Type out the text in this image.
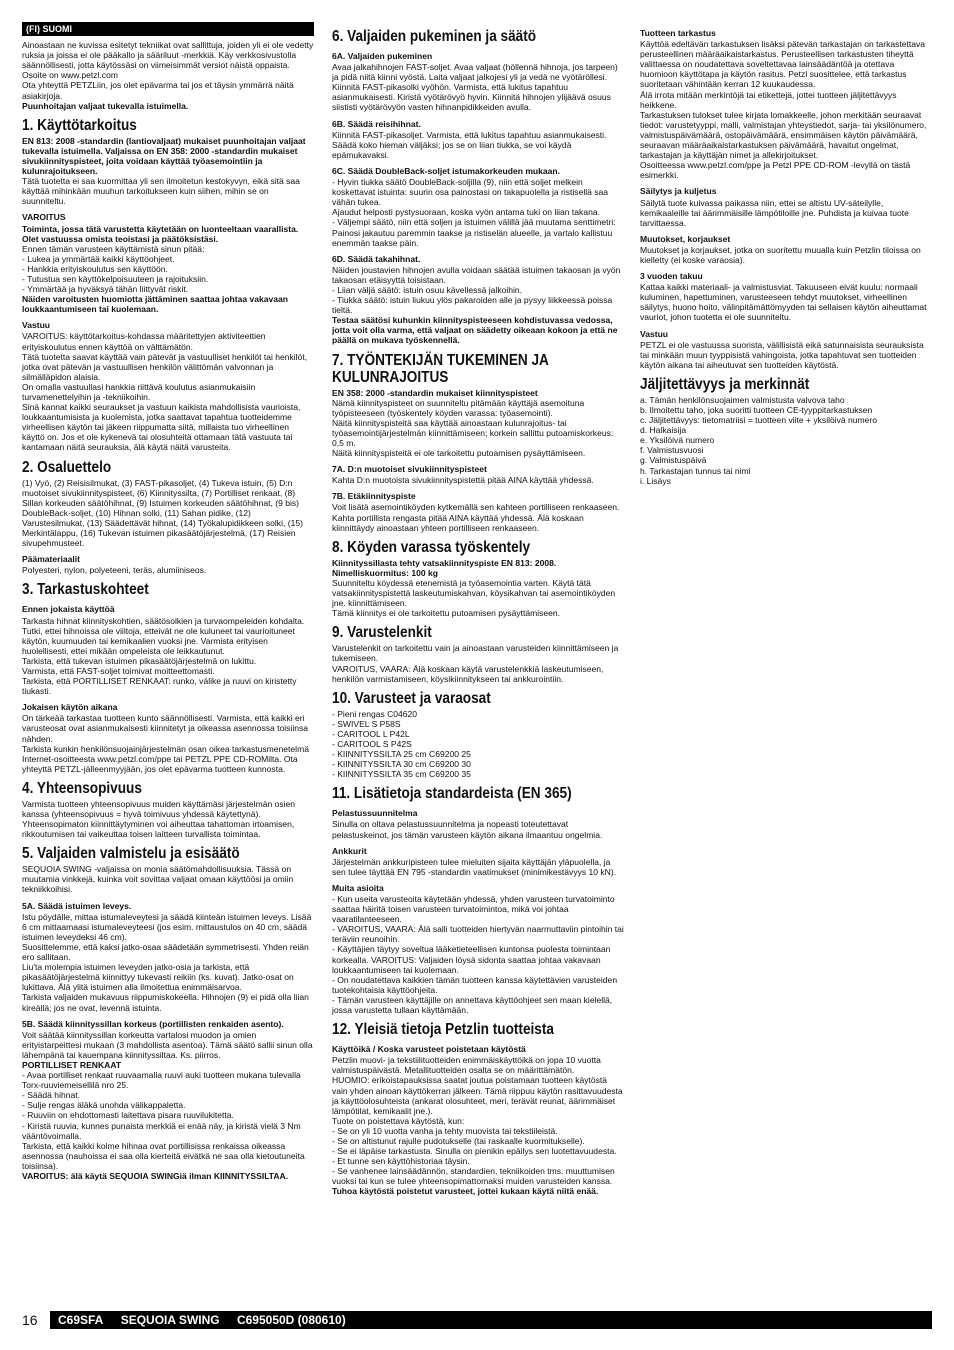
(FI) SUOMI

Ainoastaan ne kuvissa esitetyt tekniikat ovat sallittuja, joiden yli ei ole vedetty ruksia ja joissa ei ole pääkallo ja sääriluut -merkkiä. Käy verkkosivustolla säännöllisesti, jotta käytössäsi on viimeisimmät versiot näistä oppaista. Osoite on www.petzl.com

Ota yhteyttä PETZLiin, jos olet epävarma tai jos et täysin ymmärrä näitä asiakirjoja.

Puunhoitajan valjaat tukevalla istuimella.

1. Käyttötarkoitus

EN 813: 2008 -standardin (lantiovaljaat) mukaiset puunhoitajan valjaat tukevalla istuimella. Valjaissa on EN 358: 2000 -standardin mukaiset sivukiinnityspisteet, joita voidaan käyttää työasemointiin ja kulunrajoitukseen.

Tätä tuotetta ei saa kuormittaa yli sen ilmoitetun kestokyvyn, eikä sitä saa käyttää mihinkään muuhun tarkoitukseen kuin siihen, mihin se on suunniteltu.

VAROITUS

Toiminta, jossa tätä varustetta käytetään on luonteeltaan vaarallista. Olet vastuussa omista teoistasi ja päätöksistäsi.

Ennen tämän varusteen käyttämistä sinun pitää:
- Lukea ja ymmärtää kaikki käyttöohjeet.
- Hankkia erityiskoulutus sen käyttöön.
- Tutustua sen käyttökelpoisuuteen ja rajoituksiin.
- Ymmärtää ja hyväksyä tähän liittyvät riskit.

Näiden varoitusten huomiotta jättäminen saattaa johtaa vakavaan loukkaantumiseen tai kuolemaan.

Vastuu

VAROITUS: käyttötarkoitus-kohdassa määritettyjen aktiviteettien erityiskoulutus ennen käyttöä on välttämätön.
Tätä tuotetta saavat käyttää vain pätevät ja vastuulliset henkilöt tai henkilöt, jotka ovat pätevän ja vastuullisen henkilön välittömän valvonnan ja silmälläpidon alaisia.
On omalla vastuullasi hankkia riittävä koulutus asianmukaisiin turvamenettelyihin ja -tekniikoihin.
Sinä kannat kaikki seuraukset ja vastuun kaikista mahdollisista vaurioista, loukkaantumisista ja kuolemista, jotka saattavat tapahtua tuotteidemme virheellisen käytön tai jäkeen riippumatta siitä, millaista tuo virheellinen käyttö on. Jos et ole kykenevä tai olosuhteitä ottamaan tätä vastuuta tai kantamaan näitä seurauksia, älä käytä näitä varusteita.

2. Osaluettelo

(1) Vyö, (2) Reisisilmukat, (3) FAST-pikasoljet, (4) Tukeva istuin, (5) D:n muotoiset sivukiinnityspisteet, (6) Kiinnityssilta, (7) Portilliset renkaat, (8) Sillan korkeuden säätöhihnat, (9) Istuimen korkeuden säätöhihnat, (9 bis) DoubleBack-soljet, (10) Hihnan solki, (11) Sahan pidike, (12) Varustesilmukat, (13) Säädettävät hihnat, (14) Työkalupidikkeen solki, (15) Merkintälappu, (16) Tukevan istuimen pikasäätöjärjestelmä, (17) Reisien sivupehmusteet.

Päämateriaalit

Polyesteri, nylon, polyeteeni, teräs, alumiiniseos.

3. Tarkastuskohteet
Ennen jokaista käyttöä

Tarkasta hihnat kiinnityskohtien, säätösolkien ja turvaompeleiden kohdalta. Tutki, ettei hihnoissa ole viiltoja, etteivät ne ole kuluneet tai vaurioituneet käytön, kuumuuden tai kemikaalien vuoksi jne. Varmista erityisen huolellisesti, ettei mikään ompeleista ole leikkautunut.
Tarkista, että tukevan istuimen pikasäätöjärjestelmä on lukittu.
Varmista, että FAST-soljet toimivat moitteettomasti.
Tarkista, että PORTILLISET RENKAAT: runko, välike ja ruuvi on kiristetty tiukasti.

Jokaisen käytön aikana

On tärkeää tarkastaa tuotteen kunto säännöllisesti. Varmista, että kaikki eri varusteosat ovat asianmukaisesti kiinnitetyt ja oikeassa asennossa toisiinsa nähden.
Tarkista kunkin henkilönsuojainjärjestelmän osan oikea tarkastusmenetelmä Internet-osoitteesta www.petzl.com/ppe tai PETZL PPE CD-ROMilta. Ota yhteyttä PETZL-jälleenmyyjään, jos olet epävarma tuotteen kunnosta.

4. Yhteensopivuus

Varmista tuotteen yhteensopivuus muiden käyttämäsi järjestelmän osien kanssa (yhteensopivuus = hyvä toimivuus yhdessä käytettynä).
Yhteensopimaton kiinnittäytyminen voi aiheuttaa tahattoman irtoamisen, rikkoutumisen tai vaikeuttaa toisen laitteen turvallista toimintaa.

5. Valjaiden valmistelu ja esisäätö

SEQUOIA SWING -valjaissa on monia säätömahdollisuuksia. Tässä on muutamia vinkkejä, kuinka voit sovittaa valjaat omaan käyttöösi ja omiin tekniikkoihisi.

5A. Säädä istuimen leveys.

Istu pöydälle, mittaa istumaleveytesi ja säädä kiinteän istuimen leveys. Lisää 6 cm mittaamaasi istumaleveyteesi (jos esim. mittaustulos on 40 cm, säädä istuimen leveydeksi 46 cm).
Suosittelemme, että kaksi jatko-osaa säädetään symmetrisesti. Yhden reiän ero sallitaan.
Liu'ta molempia istuimen leveyden jatko-osia ja tarkista, että pikasäätöjärjestelmä kiinnittyy tukevasti reikiin (ks. kuvat). Jatko-osat on lukittava. Älä ylitä istuimen alla ilmoitettua enimmäisarvoa.
Tarkista valjaiden mukavuus riippumiskokeella. Hihnojen (9) ei pidä olla liian kireällä; jos ne ovat, levennä istuinta.

5B. Säädä kiinnityssillan korkeus (portillisten renkaiden asento).

Voit säätää kiinnityssillan korkeutta vartalosi muodon ja omien erityistarpeittesi mukaan (3 mahdollista asentoa). Tämä säätö sallii sinun olla lähempänä tai kauempana kiinnityssiltaa. Ks. piirros.

PORTILLISET RENKAAT

- Avaa portilliset renkaat ruuvaamalla ruuvi auki tuotteen mukana tulevalla Torx-ruuviemeisellilä nro 25.
- Säädä hihnat.
- Sulje rengas äläkä unohda välikappaletta.
- Ruuviin on ehdottomasti laitettava pisara ruuvilukitetta.
- Kiristä ruuvia, kunnes punaista merkkiä ei enää näy, ja kiristä vielä 3 Nm vääntövoimalla.
Tarkista, että kaikki kolme hihnaa ovat portillisissa renkaissa oikeassa asennossa (nauhoissa ei saa olla kierteitä eivätkä ne saa olla kietoutuneita toisiinsa).

VAROITUS: älä käytä SEQUOIA SWINGiä ilman KIINNITYSSILTAA.

6. Valjaiden pukeminen ja säätö
6A. Valjaiden pukeminen

Avaa jalkahihnojen FAST-soljet. Avaa valjaat (höllennä hihnoja, jos tarpeen) ja pidä niitä kiinni vyöstä. Laita valjaat jalkojesi yli ja vedä ne vyötäröllesi. Kiinnitä FAST-pikasolki vyöhön. Varmista, että lukitus tapahtuu asianmukaisesti. Kiristä vyötärövyö hyvin. Kiinnitä hihnojen ylijäävä osuus siististi vyötärövyön vasten hihnanpidikkeiden avulla.

6B. Säädä reisihihnat.

Kiinnitä FAST-pikasoljet. Varmista, että lukitus tapahtuu asianmukaisesti. Säädä koko hieman väljäksi; jos se on liian tiukka, se voi käydä epämukavaksi.

6C. Säädä DoubleBack-soljet istumakorkeuden mukaan.

- Hyvin tiukka säätö DoubleBack-soljilla (9), niin että soljet melkein koskettavat istuinta: suurin osa painostasi on takapuolella ja ristisellä saa vähän tukea.
Ajaudut helposti pystysuoraan, koska vyön antama tuki on liian takana.
- Väljempi säätö, niin että soljen ja istuimen välillä jää muutama senttimetri: Painosi jakautuu paremmin taakse ja ristiselän alueelle, ja vartalo kallistuu enemmän taakse päin.

6D. Säädä takahihnat.

Näiden joustavien hihnojen avulla voidaan säätää istuimen takaosan ja vyön takaosan etäisyyttä toisistaan.
- Liian väljä säätö: istuin osuu kävellessä jalkoihin.
- Tiukka säätö: istuin liukuu ylös pakaroiden alle ja pysyy liikkeessä poissa tieltä.

Testaa säätösi kuhunkin kiinnityspisteeseen kohdistuvassa vedossa, jotta voit olla varma, että valjaat on säädetty oikeaan kokoon ja että ne päällä on mukava työskennellä.

7. TYÖNTEKIJÄN TUKEMINEN JA KULUNRAJOITUS

EN 358: 2000 -standardin mukaiset kiinnityspisteet

Nämä kiinnityspisteet on suunniteltu pitämään käyttäjä asemoituna työpisteeseen (työskentely köyden varassa: työasemointi).
Näitä kiinnityspisteitä saa käyttää ainoastaan kulunrajoitus- tai työasemointijärjestelmän kiinnittämiseen; korkein sallittu putoamiskorkeus: 0,5 m.
Näitä kiinnityspisteitä ei ole tarkoitettu putoamisen pysäyttämiseen.

7A. D:n muotoiset sivukiinnityspisteet

Kahta D:n muotoista sivukiinnityspistettä pitää AINA käyttää yhdessä.

7B. Etäkiinnityspiste

Voit lisätä asemointiköyden kytkemällä sen kahteen portilliseen renkaaseen. Kahta portillista rengasta pitää AINA käyttää yhdessä. Älä koskaan kiinnittäydy ainoastaan yhteen portilliseen renkaaseen.

8. Köyden varassa työskentely

Kiinnityssillasta tehty vatsakiinnityspiste EN 813: 2008.
Nimelliskuormitus: 100 kg

Suunniteltu köydessä etenemistä ja työasemointia varten. Käytä tätä vatsakiinnityspistettä laskeutumiskahvan, köysikahvan tai asemointiköyden jne. kiinnittämiseen.
Tämä kiinnitys ei ole tarkoitettu putoamisen pysäyttämiseen.

9. Varustelenkit

Varustelenkit on tarkoitettu vain ja ainoastaan varusteiden kiinnittämiseen ja tukemiseen.
VAROITUS, VAARA: Älä koskaan käytä varustelenkkiä laskeutumiseen, henkilön varmistamiseen, köysikiinnitykseen tai ankkurointiin.

10. Varusteet ja varaosat

- Pieni rengas C04620
- SWIVEL S P58S
- CARITOOL L P42L
- CARITOOL S P42S
- KIINNITYSSILTA 25 cm C69200 25
- KIINNITYSSILTA 30 cm C69200 30
- KIINNITYSSILTA 35 cm C69200 35

11. Lisätietoja standardeista (EN 365)
Pelastussuunnitelma

Sinulla on oltava pelastussuunnitelma ja nopeasti toteutettavat pelastuskeinot, jos tämän varusteen käytön aikana ilmaantuu ongelmia.

Ankkurit

Järjestelmän ankkuripisteen tulee mieluiten sijaita käyttäjän yläpuolella, ja sen tulee täyttää EN 795 -standardin vaatimukset (minimikestävyys 10 kN).

Muita asioita

- Kun useita varusteoita käytetään yhdessä, yhden varusteen turvatoiminto saattaa häiritä toisen varusteen turvatoimintoa, mikä voi johtaa vaaratilanteeseen.
- VAROITUS, VAARA: Älä salli tuotteiden hiertyvän naarmuttaviin pintoihin tai teräviin reunoihin.
- Käyttäjien täytyy soveltua lääketieteellisen kuntonsa puolesta toimintaan korkealla. VAROITUS: Valjaiden löysä sidonta saattaa johtaa vakavaan loukkaantumiseen tai kuolemaan.
- On noudatettava kaikkien tämän tuotteen kanssa käytettävien varusteiden tuotekohtaisia käyttöohjeita.
- Tämän varusteen käyttäjille on annettava käyttöohjeet sen maan kielellä, jossa varustetta tullaan käyttämään.

12. Yleisiä tietoja Petzlin tuotteista
Käyttöikä / Koska varusteet poistetaan käytöstä

Petzlin muovi- ja tekstiilituotteiden enimmäiskäyttöikä on jopa 10 vuotta valmistuspäivästä. Metallituotteiden osalta se on määrittämätön.
HUOMIO: erikoistapauksissa saatat joutua poistamaan tuotteen käytöstä vain yhden ainoan käyttökerran jälkeen. Tämä riippuu käytön rasittavuudesta ja käyttöolosuhteista (ankarat olosuhteet, meri, terävät reunat, äärimmäiset lämpötilat, kemikaalit jne.).
Tuote on poistettava käytöstä, kun:
- Se on yli 10 vuotta vanha ja tehty muovista tai tekstiileistä.
- Se on altistunut rajulle pudotukselle (tai raskaalle kuormitukselle).
- Se ei läpäise tarkastusta. Sinulla on pienikin epäilys sen luotettavuudesta.
- Et tunne sen käyttöhistoriaa täysin.
- Se vanhenee lainsäädännön, standardien, tekniikoiden tms. muuttumisen vuoksi tai kun se tulee yhteensopimattomaksi muiden varusteiden kanssa.

Tuhoa käytöstä poistetut varusteet, jottei kukaan käytä niitä enää.

Tuotteen tarkastus

Käyttöä edeltävän tarkastuksen lisäksi pätevän tarkastajan on tarkastettava perusteellinen määräaikaistarkastus. Perusteellisen tarkastusten tiheyttä valittaessa on noudatettava soveltettavaa lainsäädäntöä ja otettava huomioon käyttötapa ja käytön rasitus. Petzl suosittelee, että tarkastus suoritetaan vähintään kerran 12 kuukaudessa.
Älä irrota mitään merkintöjä tai etikettejä, jottei tuotteen jäljitettävyys heikkene.
Tarkastuksen tulokset tulee kirjata lomakkeelle, johon merkitään seuraavat tiedot: varustetyyppi, malli, valmistajan yhteystiedot, sarja- tai yksilönumero, valmistuspäivämäärä, ostopäivämäärä, ensimmäisen käytön päivämäärä, seuraavan määräaikaistarkastuksen päivämäärä, havaitut ongelmat, tarkastajan ja käyttäjän nimet ja allekirjoitukset.
Osoitteessa www.petzl.com/ppe ja Petzl PPE CD-ROM -levyllä on tästä esimerkki.

Säilytys ja kuljetus

Säilytä tuote kuivassa paikassa niin, ettei se altistu UV-säteilylle, kemikaaleille tai äärimmäisille lämpötiloille jne. Puhdista ja kuivaa tuote tarvittaessa.

Muutokset, korjaukset

Muutokset ja korjaukset, jotka on suoritettu muualla kuin Petzlin tiloissa on kielletty (ei koske varaosia).

3 vuoden takuu

Kattaa kaikki materiaali- ja valmistusviat. Takuuseen eivät kuulu: normaali kuluminen, hapettuminen, varusteeseen tehdyt muutokset, virheellinen säilytys, huono hoito, välinpitämättömyyden tai sellaisen käytön aiheuttamat vauriot, johon tuotetta ei ole suunniteltu.

Vastuu

PETZL ei ole vastuussa suorista, välillisistä eikä satunnaisista seurauksista tai minkään muun tyyppisistä vahingoista, jotka tapahtuvat sen tuotteiden käytön aikana tai aiheutuvat sen tuotteiden käytöstä.

Jäljitettävyys ja merkinnät

a. Tämän henkilönsuojaimen valmistusta valvova taho
b. Ilmoitettu taho, joka suoritti tuotteen CE-tyyppitarkastuksen
c. Jäljitettävyys: tietomatriisi = tuotteen viite + yksilöivä numero
d. Halkaisija
e. Yksilöivä numero
f. Valmistusvuosi
g. Valmistuspäivä
h. Tarkastajan tunnus tai nimi
i. Lisäys

16	C69SFA SEQUOIA SWING C695050D (080610)
